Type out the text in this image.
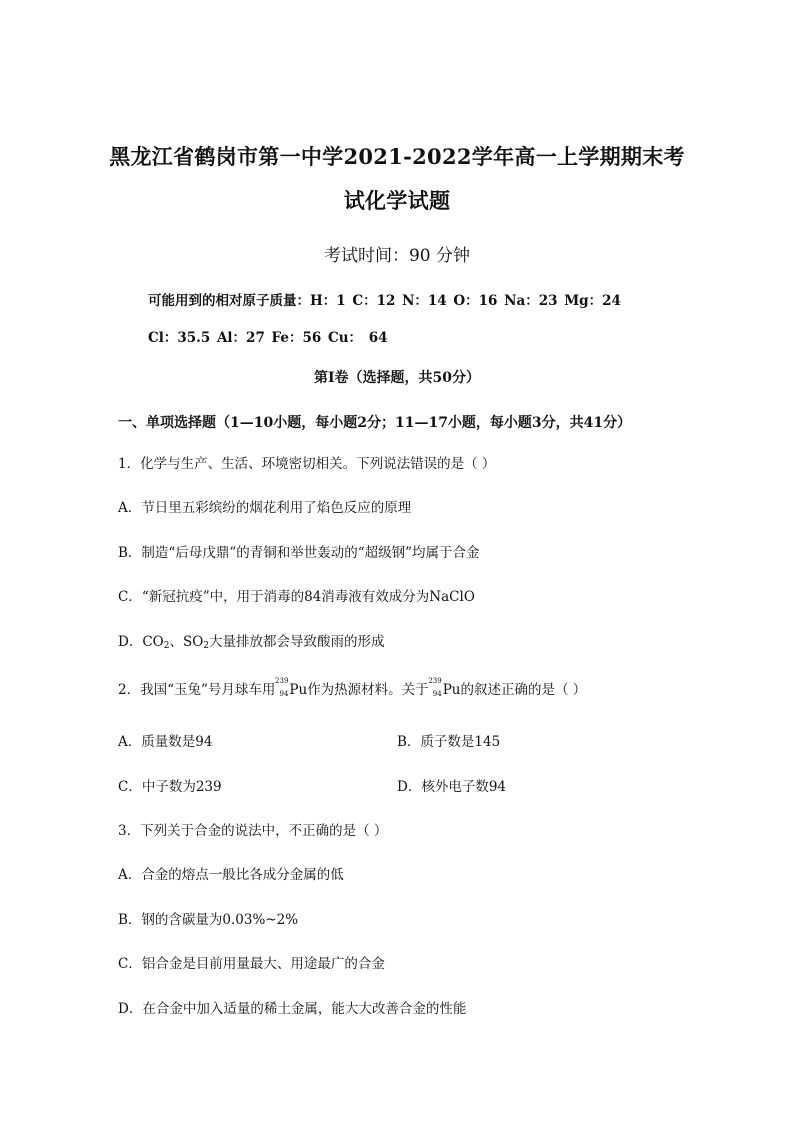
黑龙江省鹤岗市第一中学2021-2022学年高一上学期期末考
试化学试题
考试时间：90 分钟
可能用到的相对原子质量：H：1 C：12 N：14 O：16 Na：23 Mg：24
Cl：35.5 Al：27 Fe：56 Cu： 64
第Ⅰ卷（选择题，共50分）
一、单项选择题（1—10小题，每小题2分；11—17小题，每小题3分，共41分）
1．化学与生产、生活、环境密切相关。下列说法错误的是（ ）
A．节日里五彩缤纷的烟花利用了焰色反应的原理
B．制造“后母戊鼎”的青铜和举世轰动的“超级钢”均属于合金
C．“新冠抗疫”中，用于消毒的84消毒液有效成分为NaClO
D．CO2、SO2大量排放都会导致酸雨的形成
2．我国“玉兔”号月球车用
239
94 Pu作为热源材料。关于
239
94 Pu的叙述正确的是（ ）
A．质量数是94	B．质子数是145
C．中子数为239	D．核外电子数94
3．下列关于合金的说法中，不正确的是（ ）
A．合金的熔点一般比各成分金属的低
B．钢的含碳量为0.03%~2%
C．铝合金是目前用量最大、用途最广的合金
D．在合金中加入适量的稀土金属，能大大改善合金的性能
